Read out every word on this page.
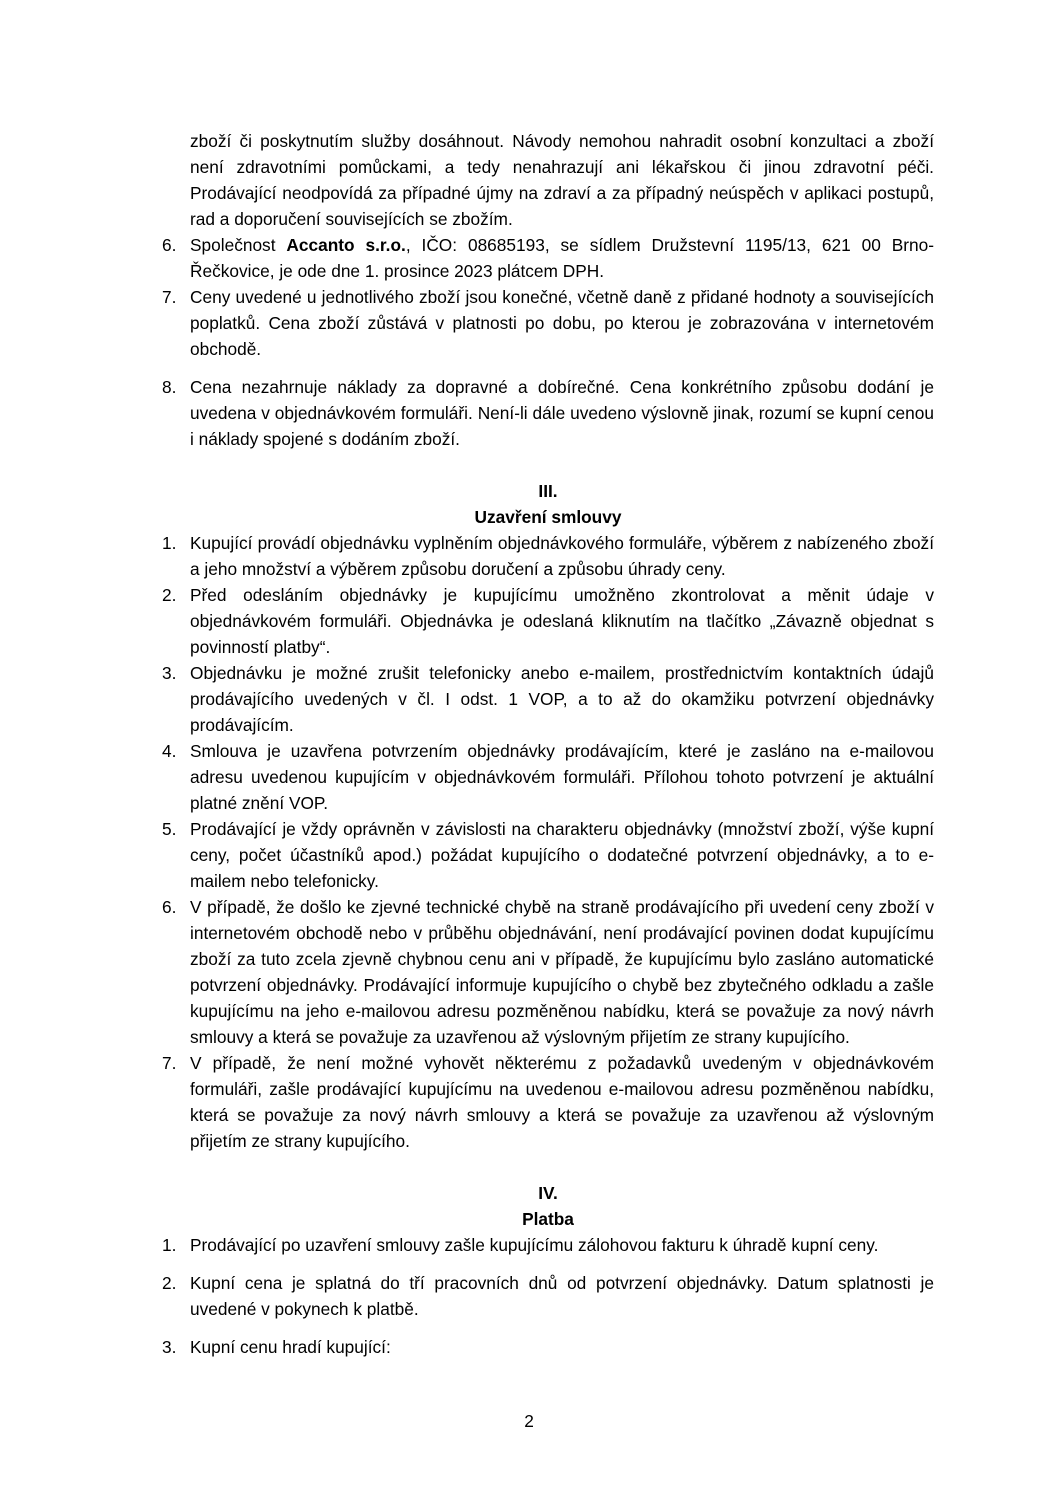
zboží či poskytnutím služby dosáhnout. Návody nemohou nahradit osobní konzultaci a zboží není zdravotními pomůckami, a tedy nenahrazují ani lékařskou či jinou zdravotní péči. Prodávající neodpovídá za případné újmy na zdraví a za případný neúspěch v aplikaci postupů, rad a doporučení souvisejících se zbožím.

6. Společnost Accanto s.r.o., IČO: 08685193, se sídlem Družstevní 1195/13, 621 00 Brno-Řečkovice, je ode dne 1. prosince 2023 plátcem DPH.

7. Ceny uvedené u jednotlivého zboží jsou konečné, včetně daně z přidané hodnoty a souvisejících poplatků. Cena zboží zůstává v platnosti po dobu, po kterou je zobrazována v internetovém obchodě.

8. Cena nezahrnuje náklady za dopravné a dobírečné. Cena konkrétního způsobu dodání je uvedena v objednávkovém formuláři. Není-li dále uvedeno výslovně jinak, rozumí se kupní cenou i náklady spojené s dodáním zboží.

III.

Uzavření smlouvy

1. Kupující provádí objednávku vyplněním objednávkového formuláře, výběrem z nabízeného zboží a jeho množství a výběrem způsobu doručení a způsobu úhrady ceny.

2. Před odesláním objednávky je kupujícímu umožněno zkontrolovat a měnit údaje v objednávkovém formuláři. Objednávka je odeslaná kliknutím na tlačítko „Závazně objednat s povinností platby“.

3. Objednávku je možné zrušit telefonicky anebo e-mailem, prostřednictvím kontaktních údajů prodávajícího uvedených v čl. I odst. 1 VOP, a to až do okamžiku potvrzení objednávky prodávajícím.

4. Smlouva je uzavřena potvrzením objednávky prodávajícím, které je zasláno na e-mailovou adresu uvedenou kupujícím v objednávkovém formuláři. Přílohou tohoto potvrzení je aktuální platné znění VOP.

5. Prodávající je vždy oprávněn v závislosti na charakteru objednávky (množství zboží, výše kupní ceny, počet účastníků apod.) požádat kupujícího o dodatečné potvrzení objednávky, a to e-mailem nebo telefonicky.

6. V případě, že došlo ke zjevné technické chybě na straně prodávajícího při uvedení ceny zboží v internetovém obchodě nebo v průběhu objednávání, není prodávající povinen dodat kupujícímu zboží za tuto zcela zjevně chybnou cenu ani v případě, že kupujícímu bylo zasláno automatické potvrzení objednávky. Prodávající informuje kupujícího o chybě bez zbytečného odkladu a zašle kupujícímu na jeho e-mailovou adresu pozměněnou nabídku, která se považuje za nový návrh smlouvy a která se považuje za uzavřenou až výslovným přijetím ze strany kupujícího.

7. V případě, že není možné vyhovět některému z požadavků uvedeným v objednávkovém formuláři, zašle prodávající kupujícímu na uvedenou e-mailovou adresu pozměněnou nabídku, která se považuje za nový návrh smlouvy a která se považuje za uzavřenou až výslovným přijetím ze strany kupujícího.

IV.

Platba

1. Prodávající po uzavření smlouvy zašle kupujícímu zálohovou fakturu k úhradě kupní ceny.

2. Kupní cena je splatná do tří pracovních dnů od potvrzení objednávky. Datum splatnosti je uvedené v pokynech k platbě.

3. Kupní cenu hradí kupující:

2
